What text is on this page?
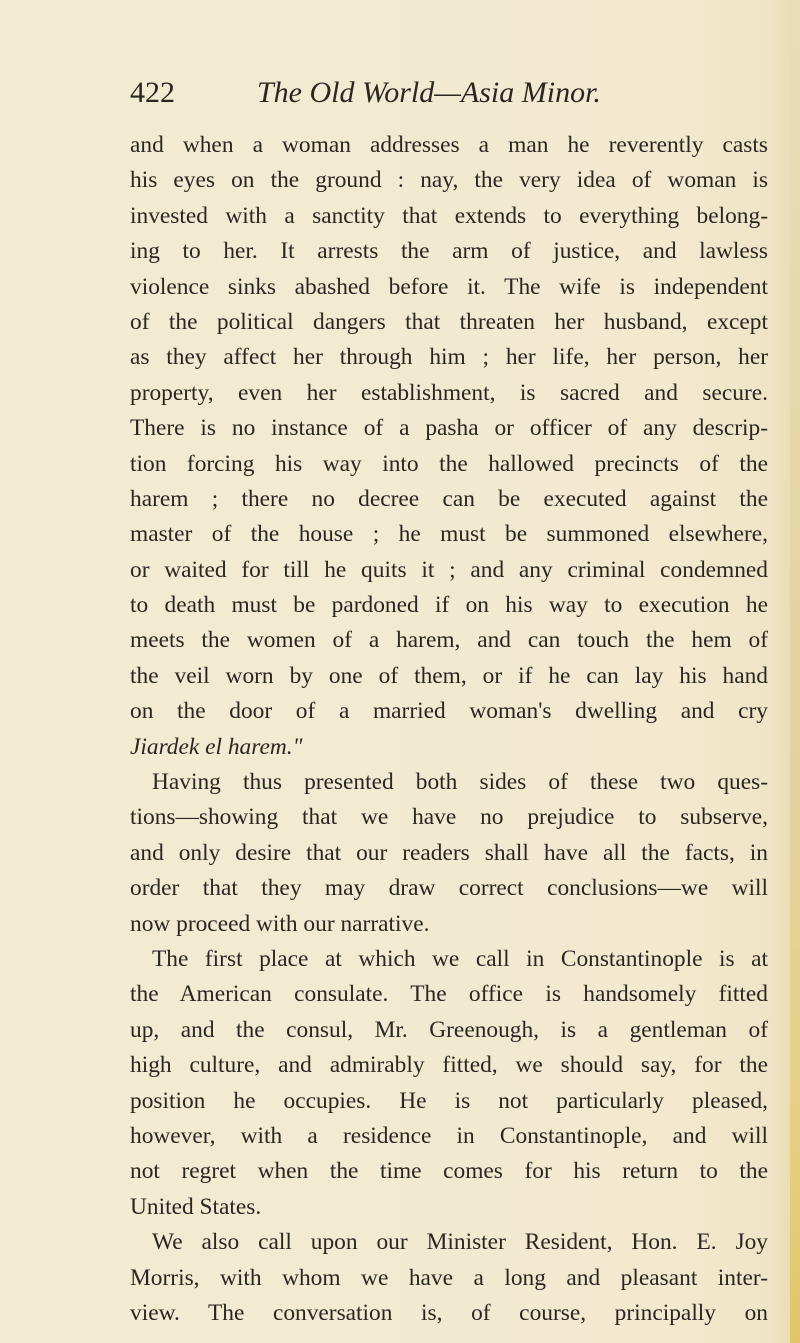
422	The Old World—Asia Minor.
and when a woman addresses a man he reverently casts
his eyes on the ground : nay, the very idea of woman is
invested with a sanctity that extends to everything belong-
ing to her. It arrests the arm of justice, and lawless
violence sinks abashed before it. The wife is independent
of the political dangers that threaten her husband, except
as they affect her through him ; her life, her person, her
property, even her establishment, is sacred and secure.
There is no instance of a pasha or officer of any descrip-
tion forcing his way into the hallowed precincts of the
harem ; there no decree can be executed against the
master of the house ; he must be summoned elsewhere,
or waited for till he quits it ; and any criminal condemned
to death must be pardoned if on his way to execution he
meets the women of a harem, and can touch the hem of
the veil worn by one of them, or if he can lay his hand
on the door of a married woman's dwelling and cry
Jiardek el harem."
Having thus presented both sides of these two ques-
tions—showing that we have no prejudice to subserve,
and only desire that our readers shall have all the facts, in
order that they may draw correct conclusions—we will
now proceed with our narrative.
The first place at which we call in Constantinople is at
the American consulate. The office is handsomely fitted
up, and the consul, Mr. Greenough, is a gentleman of
high culture, and admirably fitted, we should say, for the
position he occupies. He is not particularly pleased,
however, with a residence in Constantinople, and will
not regret when the time comes for his return to the
United States.
We also call upon our Minister Resident, Hon. E. Joy
Morris, with whom we have a long and pleasant inter-
view. The conversation is, of course, principally on
